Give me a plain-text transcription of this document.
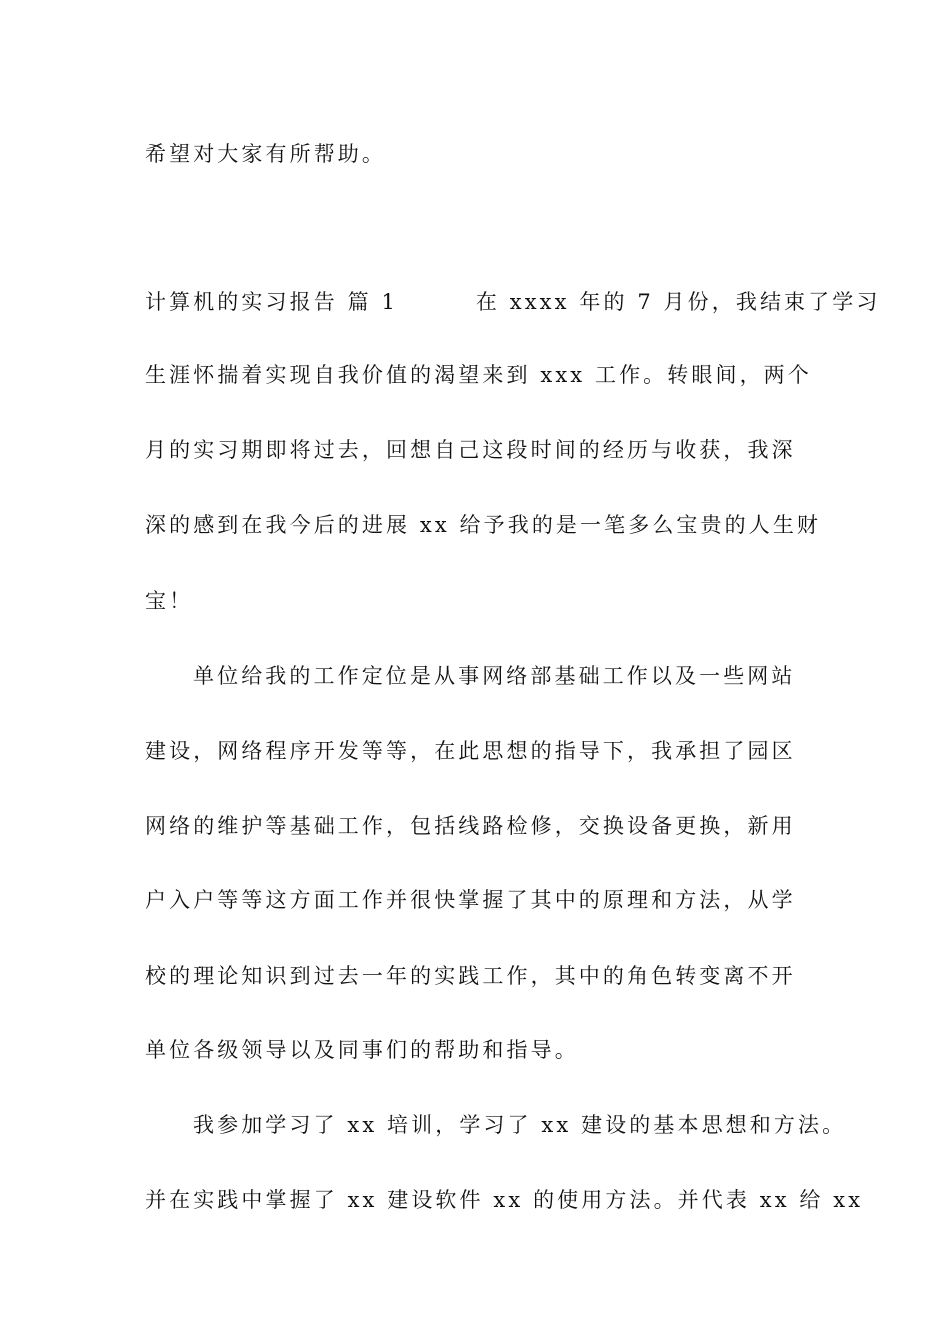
希望对大家有所帮助。
计算机的实习报告 篇 1	在 xxxx 年的 7 月份，我结束了学习
生涯怀揣着实现自我价值的渴望来到 xxx 工作。转眼间，两个
月的实习期即将过去，回想自己这段时间的经历与收获，我深
深的感到在我今后的进展 xx 给予我的是一笔多么宝贵的人生财
宝！
单位给我的工作定位是从事网络部基础工作以及一些网站
建设，网络程序开发等等，在此思想的指导下，我承担了园区
网络的维护等基础工作，包括线路检修，交换设备更换，新用
户入户等等这方面工作并很快掌握了其中的原理和方法，从学
校的理论知识到过去一年的实践工作，其中的角色转变离不开
单位各级领导以及同事们的帮助和指导。
我参加学习了 xx 培训，学习了 xx 建设的基本思想和方法。
并在实践中掌握了 xx 建设软件 xx 的使用方法。并代表 xx 给 xx
